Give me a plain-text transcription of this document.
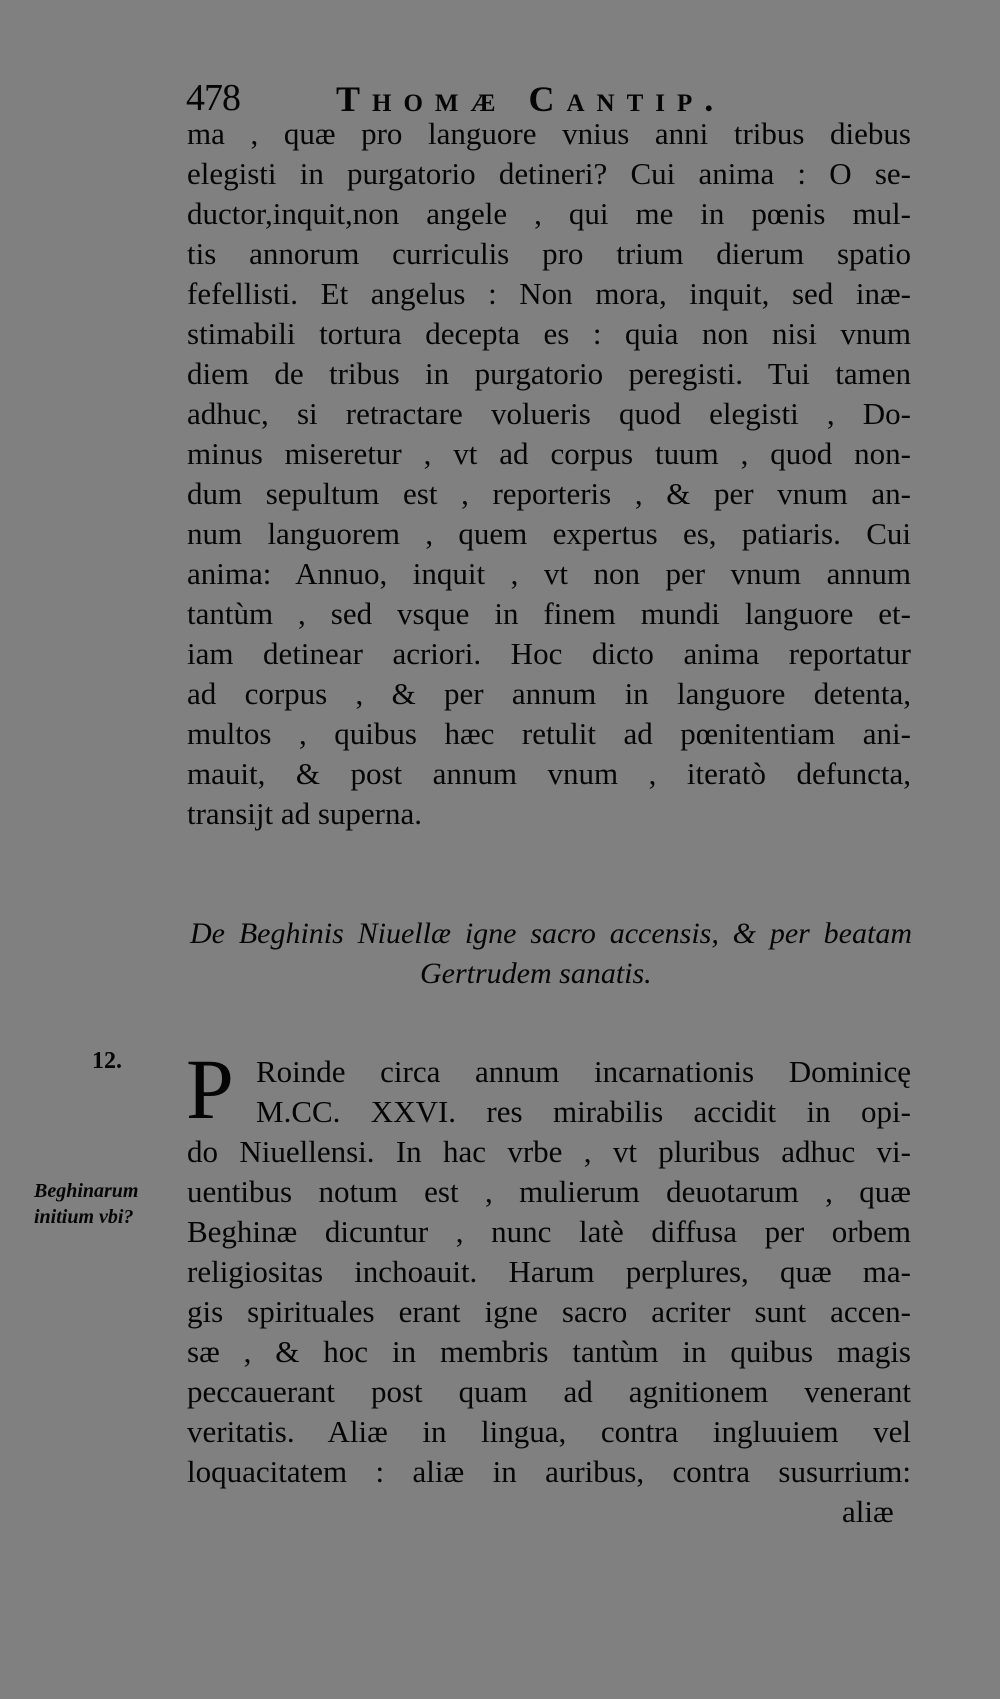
478	Thomæ Cantip.
ma , quæ pro languore vnius anni tribus diebus
elegisti in purgatorio detineri? Cui anima : O se-
ductor,inquit,non angele , qui me in pœnis mul-
tis annorum curriculis pro trium dierum spatio
fefellisti. Et angelus : Non mora, inquit, sed inæ-
stimabili tortura decepta es : quia non nisi vnum
diem de tribus in purgatorio peregisti. Tui tamen
adhuc, si retractare volueris quod elegisti , Do-
minus miseretur , vt ad corpus tuum , quod non-
dum sepultum est , reporteris , & per vnum an-
num languorem , quem expertus es, patiaris. Cui
anima: Annuo, inquit , vt non per vnum annum
tantùm , sed vsque in finem mundi languore et-
iam detinear acriori. Hoc dicto anima reportatur
ad corpus , & per annum in languore detenta,
multos , quibus hæc retulit ad pœnitentiam ani-
mauit, & post annum vnum , iteratò defuncta,
transijt ad superna.
De Beghinis Niuellæ igne sacro accensis, & per beatam
Gertrudem sanatis.
12.
Beghinarum
initium vbi?
P Roinde circa annum incarnationis Dominicę
M.CC. XXVI. res mirabilis accidit in opi-
do Niuellensi. In hac vrbe , vt pluribus adhuc vi-
uentibus notum est , mulierum deuotarum , quæ
Beghinæ dicuntur , nunc latè diffusa per orbem
religiositas inchoauit. Harum perplures, quæ ma-
gis spirituales erant igne sacro acriter sunt accen-
sæ , & hoc in membris tantùm in quibus magis
peccauerant post quam ad agnitionem venerant
veritatis. Aliæ in lingua, contra ingluuiem vel
loquacitatem : aliæ in auribus, contra susurrium:
aliæ
